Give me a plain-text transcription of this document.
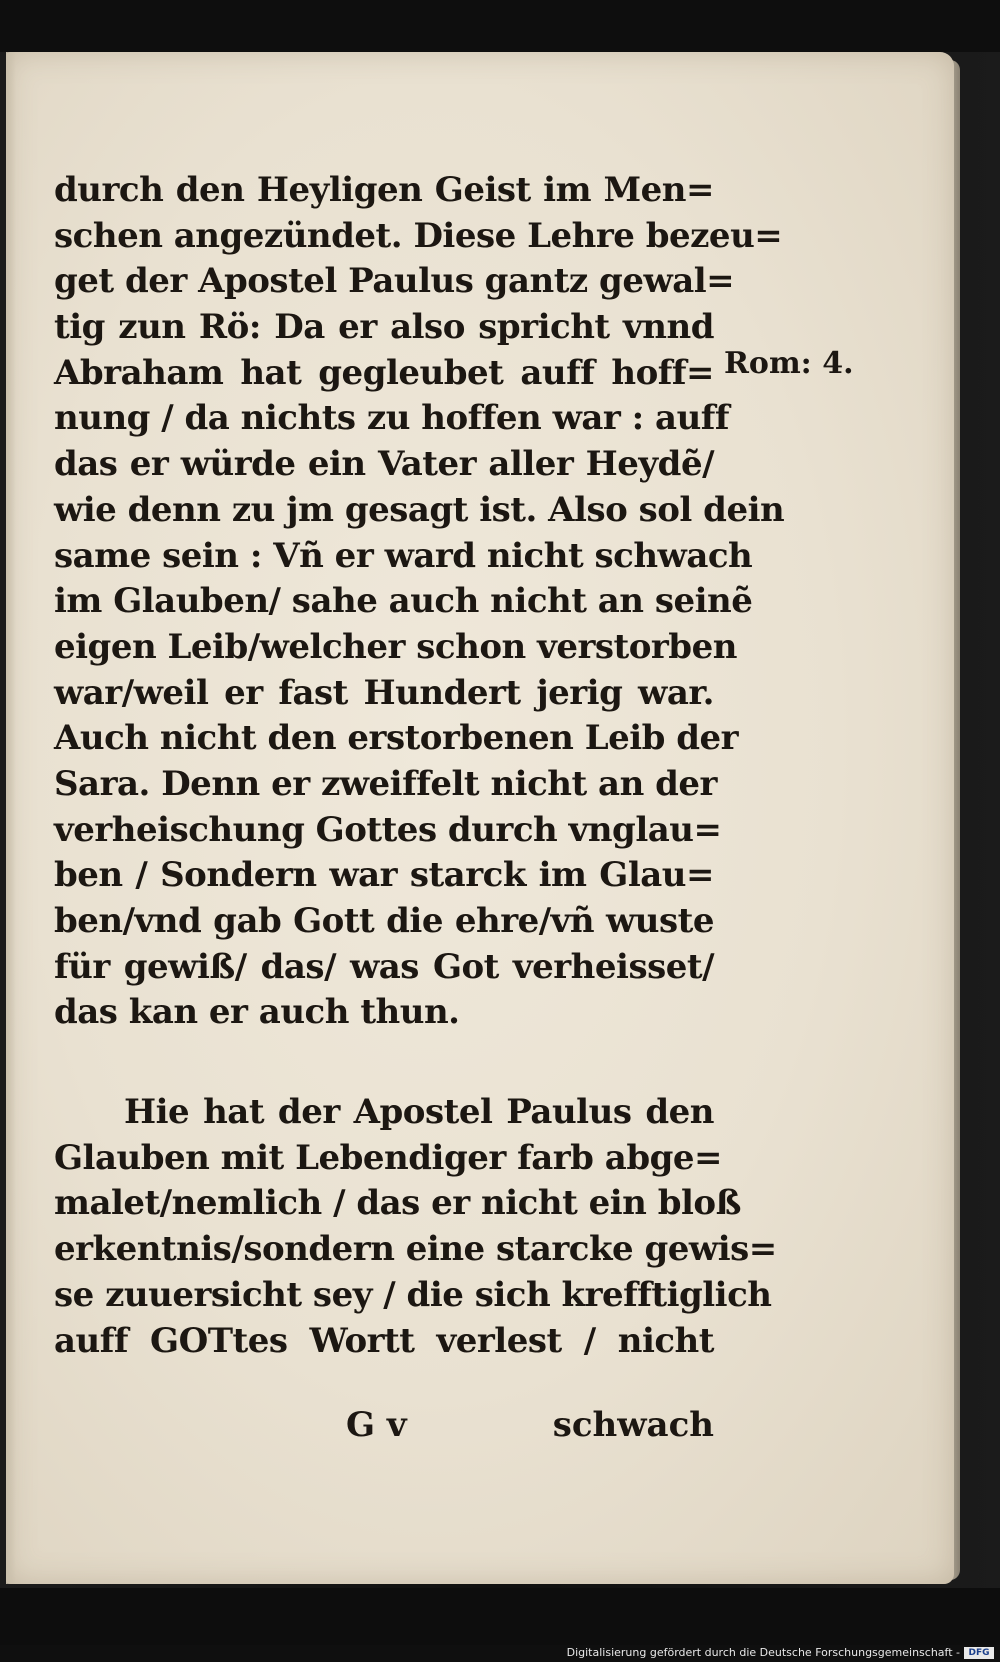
durch den Heyligen Geist im Men=
schen angezündet. Diese Lehre bezeu=
get der Apostel Paulus gantz gewal=
tig zun Rö: Da er also spricht vnnd
Abraham hat gegleubet auff hoff=
nung / da nichts zu hoffen war : auff
das er würde ein Vater aller Heydẽ/
wie denn zu jm gesagt ist. Also sol dein
same sein : Vñ er ward nicht schwach
im Glauben/ sahe auch nicht an seinẽ
eigen Leib/welcher schon verstorben
war/weil er fast Hundert jerig war.
Auch nicht den erstorbenen Leib der
Sara. Denn er zweiffelt nicht an der
verheischung Gottes durch vnglau=
ben / Sondern war starck im Glau=
ben/vnd gab Gott die ehre/vñ wuste
für gewiß/ das/ was Got verheisset/
das kan er auch thun.
Hie hat der Apostel Paulus den
Glauben mit Lebendiger farb abge=
malet/nemlich / das er nicht ein bloß
erkentnis/sondern eine starcke gewis=
se zuuersicht sey / die sich krefftiglich
auff GOTtes Wortt verlest / nicht
Rom: 4.
G v	schwach
Digitalisierung gefördert durch die Deutsche Forschungsgemeinschaft - DFG
